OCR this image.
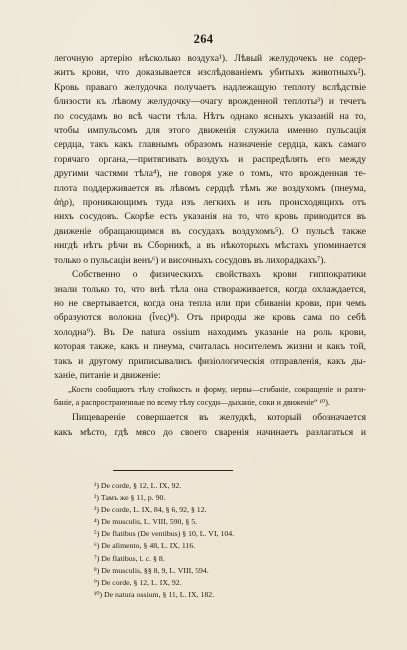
264
легочную артерію нѣсколько воздуха¹). Лѣвый желудочекъ не содер-
житъ крови, что доказывается изслѣдованіемъ убитыхъ животныхъ²).
Кровь праваго желудочка получаетъ надлежащую теплоту вслѣдствіе
близости къ лѣвому желудочку—очагу врожденной теплоты³) и течетъ
по сосудамъ во всѣ части тѣла. Нѣтъ однако ясныхъ указаній на то,
чтобы импульсомъ для этого движенія служила именно пульсація
сердца, такъ какъ главнымъ образомъ назначеніе сердца, какъ самаго
горячаго органа,—притягивать воздухъ и распредѣлять его между
другими частями тѣла⁴), не говоря уже о томъ, что врожденная те-
плота поддерживается въ лѣвомъ сердцѣ тѣмъ же воздухомъ (пнеума,
ἀήρ), проникающимъ туда изъ легкихъ и изъ происходящихъ отъ
нихъ сосудовъ. Скорѣе есть указанія на то, что кровь приводится въ
движеніе обращающимся въ сосудахъ воздухомъ⁵). О пульсѣ также
нигдѣ нѣтъ рѣчи въ Сборникѣ, а въ нѣкоторыхъ мѣстахъ упоминается
только о пульсаціи венъ⁶) и височныхъ сосудовъ въ лихорадкахъ⁷).
Собственно о физическихъ свойствахъ крови гиппократики
знали только то, что внѣ тѣла она створаживается, когда охлаждается,
но не свертывается, когда она тепла или при сбиваніи крови, при чемъ
образуются волокна (ἶνες)⁸). Отъ природы же кровь сама по себѣ
холодна⁹). Въ De natura ossium находимъ указаніе на роль крови,
которая также, какъ и пнеума, считалась носителемъ жизни и какъ той,
такъ и другому приписывались физіологическія отправленія, какъ ды-
ханіе, питаніе и движеніе:
„Кости сообщаютъ тѣлу стойкость и форму, нервы—сгибаніе, сокращеніе и разги-
баніе, а распространенные по всему тѣлу сосуди—дыханіе, соки и движеніе“ ¹⁰).
Пищевареніе совершается въ желудкѣ, который обозначается
какъ мѣсто, гдѣ мясо до своего сваренія начинаетъ разлагаться и
¹) De corde, § 12, L. IX, 92.
²) Тамъ же § 11, p. 90.
³) De corde, L. IX, 84, § 6, 92, § 12.
⁴) De musculis, L. VIII, 590, § 5.
⁵) De flatibus (De ventibus) § 10, L. VI, 104.
⁶) De alimento, § 48, L. IX, 116.
⁷) De flatibus, l. c. § 8.
⁸) De musculis, §§ 8, 9, L. VIII, 594.
⁹) De corde, § 12, L. IX, 92.
¹⁰) De natura ossium, § 11, L. IX, 182.
